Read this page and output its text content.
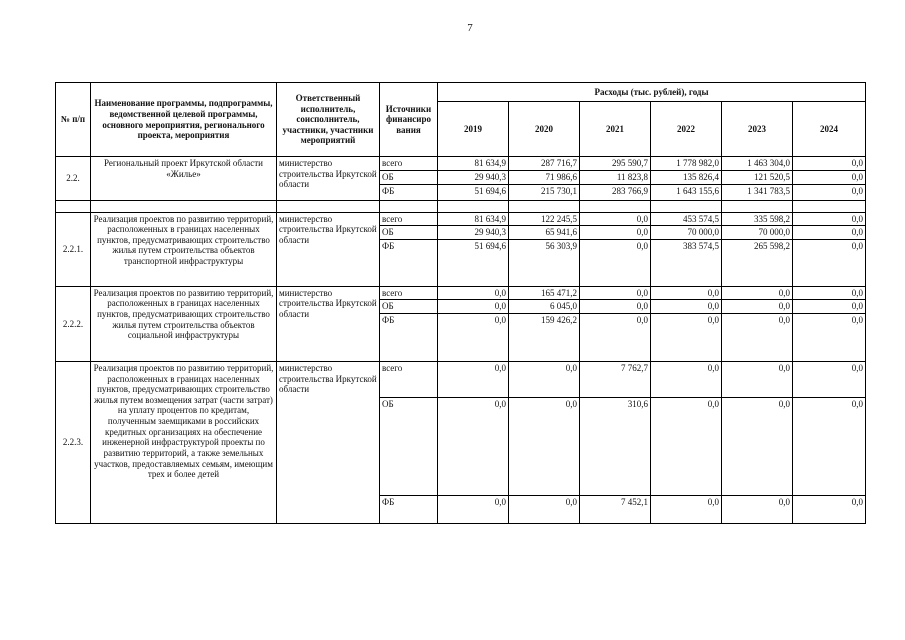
7
№ п/п	Наименование программы, подпрограммы, ведомственной целевой программы, основного мероприятия, регионального проекта, мероприятия	Ответственный исполнитель, соисполнитель, участники, участники мероприятий	Источники финансиро вания	Расходы (тыс. рублей), годы					
				2019	2020	2021	2022	2023	2024
2.2.	Региональный проект Иркутской области «Жилье»	министерство строительства Иркутской области	всего	81 634,9	287 716,7	295 590,7	1 778 982,0	1 463 304,0	0,0
			ОБ	29 940,3	71 986,6	11 823,8	135 826,4	121 520,5	0,0
			ФБ	51 694,6	215 730,1	283 766,9	1 643 155,6	1 341 783,5	0,0

2.2.1.	Реализация проектов по развитию территорий, расположенных в границах населенных пунктов, предусматривающих строительство жилья путем строительства объектов транспортной инфраструктуры	министерство строительства Иркутской области	всего	81 634,9	122 245,5	0,0	453 574,5	335 598,2	0,0
			ОБ	29 940,3	65 941,6	0,0	70 000,0	70 000,0	0,0
			ФБ	51 694,6	56 303,9	0,0	383 574,5	265 598,2	0,0
2.2.2.	Реализация проектов по развитию территорий, расположенных в границах населенных пунктов, предусматривающих строительство жилья путем строительства объектов социальной инфраструктуры	министерство строительства Иркутской области	всего	0,0	165 471,2	0,0	0,0	0,0	0,0
			ОБ	0,0	6 045,0	0,0	0,0	0,0	0,0
			ФБ	0,0	159 426,2	0,0	0,0	0,0	0,0
2.2.3.	Реализация проектов по развитию территорий, расположенных в границах населенных пунктов, предусматривающих строительство жилья путем возмещения затрат (части затрат) на уплату процентов по кредитам, полученным заемщиками в российских кредитных организациях на обеспечение инженерной инфраструктурой проекты по развитию территорий, а также земельных участков, предоставляемых семьям, имеющим трех и более детей	министерство строительства Иркутской области	всего	0,0	0,0	7 762,7	0,0	0,0	0,0
			ОБ	0,0	0,0	310,6	0,0	0,0	0,0
			ФБ	0,0	0,0	7 452,1	0,0	0,0	0,0
